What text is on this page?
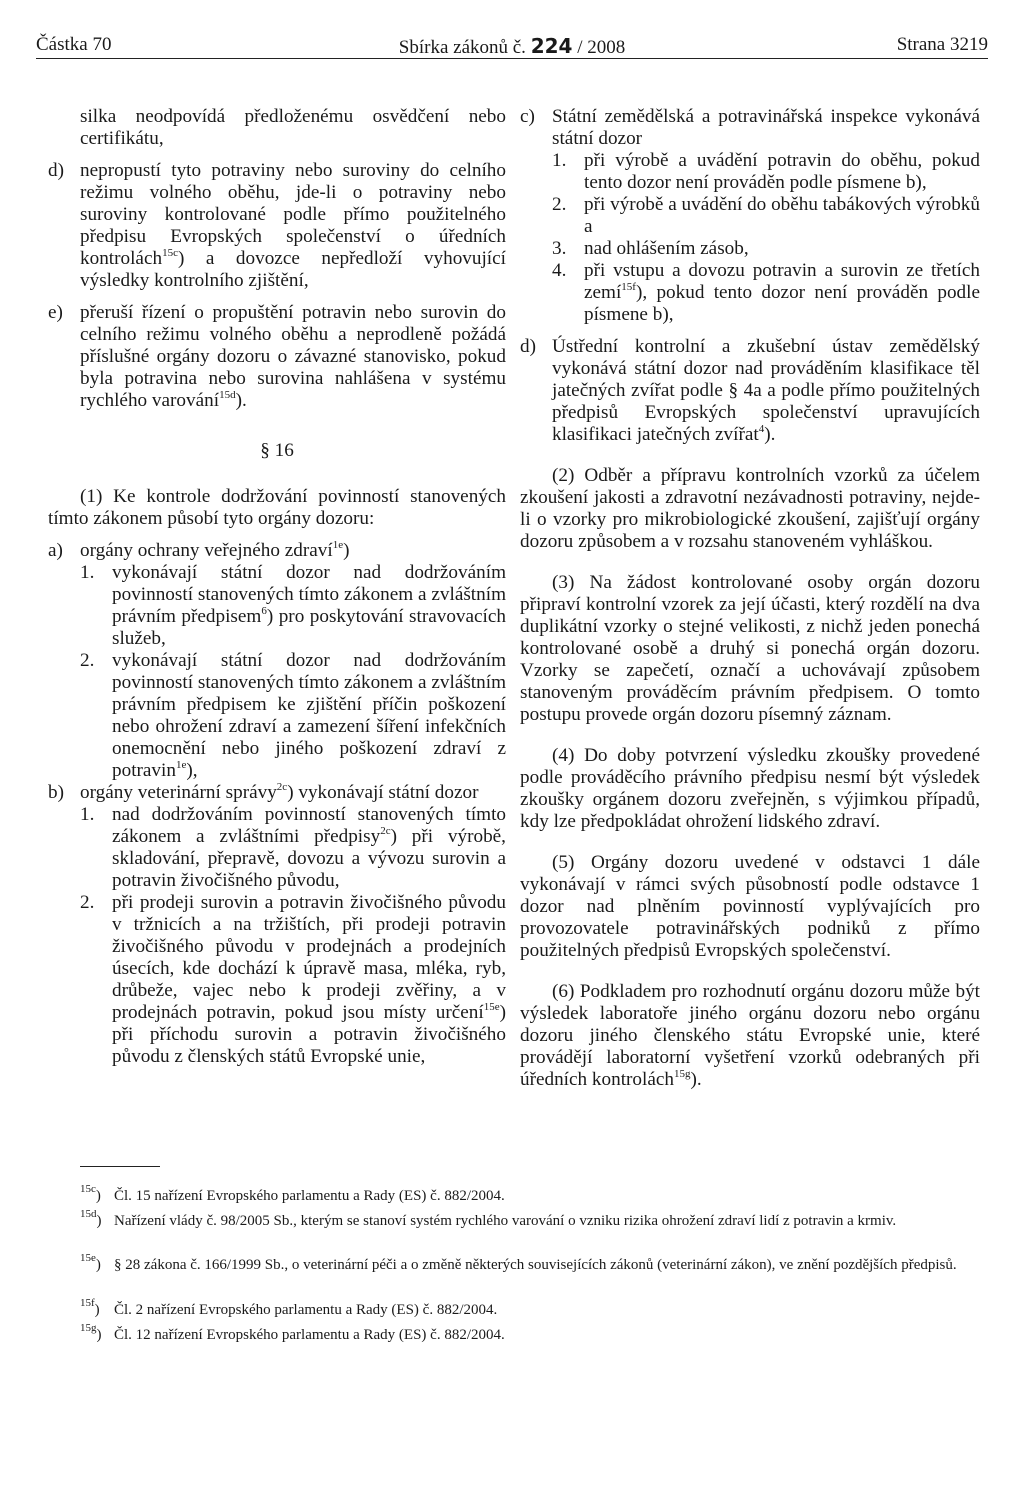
Částka 70	Sbírka zákonů č. 224 / 2008	Strana 3219

silka neodpovídá předloženému osvědčení nebo certifikátu,

d) nepropustí tyto potraviny nebo suroviny do celního režimu volného oběhu, jde-li o potraviny nebo suroviny kontrolované podle přímo použitelného předpisu Evropských společenství o úředních kontrolách$^{15c}$) a dovozce nepředloží vyhovující výsledky kontrolního zjištění,

e) přeruší řízení o propuštění potravin nebo surovin do celního režimu volného oběhu a neprodleně požádá příslušné orgány dozoru o závazné stanovisko, pokud byla potravina nebo surovina nahlášena v systému rychlého varování$^{15d}$).

§ 16

(1) Ke kontrole dodržování povinností stanovených tímto zákonem působí tyto orgány dozoru:

a) orgány ochrany veřejného zdraví$^{1e}$)

1. vykonávají státní dozor nad dodržováním povinností stanovených tímto zákonem a zvláštním právním předpisem$^6$) pro poskytování stravovacích služeb,

2. vykonávají státní dozor nad dodržováním povinností stanovených tímto zákonem a zvláštním právním předpisem ke zjištění příčin poškození nebo ohrožení zdraví a zamezení šíření infekčních onemocnění nebo jiného poškození zdraví z potravin$^{1e}$),

b) orgány veterinární správy$^{2c}$) vykonávají státní dozor

1. nad dodržováním povinností stanovených tímto zákonem a zvláštními předpisy$^{2c}$) při výrobě, skladování, přepravě, dovozu a vývozu surovin a potravin živočišného původu,

2. při prodeji surovin a potravin živočišného původu v tržnicích a na tržištích, při prodeji potravin živočišného původu v prodejnách a prodejních úsecích, kde dochází k úpravě masa, mléka, ryb, drůbeže, vajec nebo k prodeji zvěřiny, a v prodejnách potravin, pokud jsou místy určení$^{15e}$) při příchodu surovin a potravin živočišného původu z členských států Evropské unie,

c) Státní zemědělská a potravinářská inspekce vykonává státní dozor

1. při výrobě a uvádění potravin do oběhu, pokud tento dozor není prováděn podle písmene b),

2. při výrobě a uvádění do oběhu tabákových výrobků a

3. nad ohlášením zásob,

4. při vstupu a dovozu potravin a surovin ze třetích zemí$^{15f}$), pokud tento dozor není prováděn podle písmene b),

d) Ústřední kontrolní a zkušební ústav zemědělský vykonává státní dozor nad prováděním klasifikace těl jatečných zvířat podle § 4a a podle přímo použitelných předpisů Evropských společenství upravujících klasifikaci jatečných zvířat$^4$).

(2) Odběr a přípravu kontrolních vzorků za účelem zkoušení jakosti a zdravotní nezávadnosti potraviny, nejde-li o vzorky pro mikrobiologické zkoušení, zajišťují orgány dozoru způsobem a v rozsahu stanoveném vyhláškou.

(3) Na žádost kontrolované osoby orgán dozoru připraví kontrolní vzorek za její účasti, který rozdělí na dva duplikátní vzorky o stejné velikosti, z nichž jeden ponechá kontrolované osobě a druhý si ponechá orgán dozoru. Vzorky se zapečetí, označí a uchovávají způsobem stanoveným prováděcím právním předpisem. O tomto postupu provede orgán dozoru písemný záznam.

(4) Do doby potvrzení výsledku zkoušky provedené podle prováděcího právního předpisu nesmí být výsledek zkoušky orgánem dozoru zveřejněn, s výjimkou případů, kdy lze předpokládat ohrožení lidského zdraví.

(5) Orgány dozoru uvedené v odstavci 1 dále vykonávají v rámci svých působností podle odstavce 1 dozor nad plněním povinností vyplývajících pro provozovatele potravinářských podniků z přímo použitelných předpisů Evropských společenství.

(6) Podkladem pro rozhodnutí orgánu dozoru může být výsledek laboratoře jiného orgánu dozoru nebo orgánu dozoru jiného členského státu Evropské unie, které provádějí laboratorní vyšetření vzorků odebraných při úředních kontrolách$^{15g}$).

$^{15c}$) Čl. 15 nařízení Evropského parlamentu a Rady (ES) č. 882/2004.
$^{15d}$) Nařízení vlády č. 98/2005 Sb., kterým se stanoví systém rychlého varování o vzniku rizika ohrožení zdraví lidí z potravin a krmiv.
$^{15e}$) § 28 zákona č. 166/1999 Sb., o veterinární péči a o změně některých souvisejících zákonů (veterinární zákon), ve znění pozdějších předpisů.
$^{15f}$) Čl. 2 nařízení Evropského parlamentu a Rady (ES) č. 882/2004.
$^{15g}$) Čl. 12 nařízení Evropského parlamentu a Rady (ES) č. 882/2004.
